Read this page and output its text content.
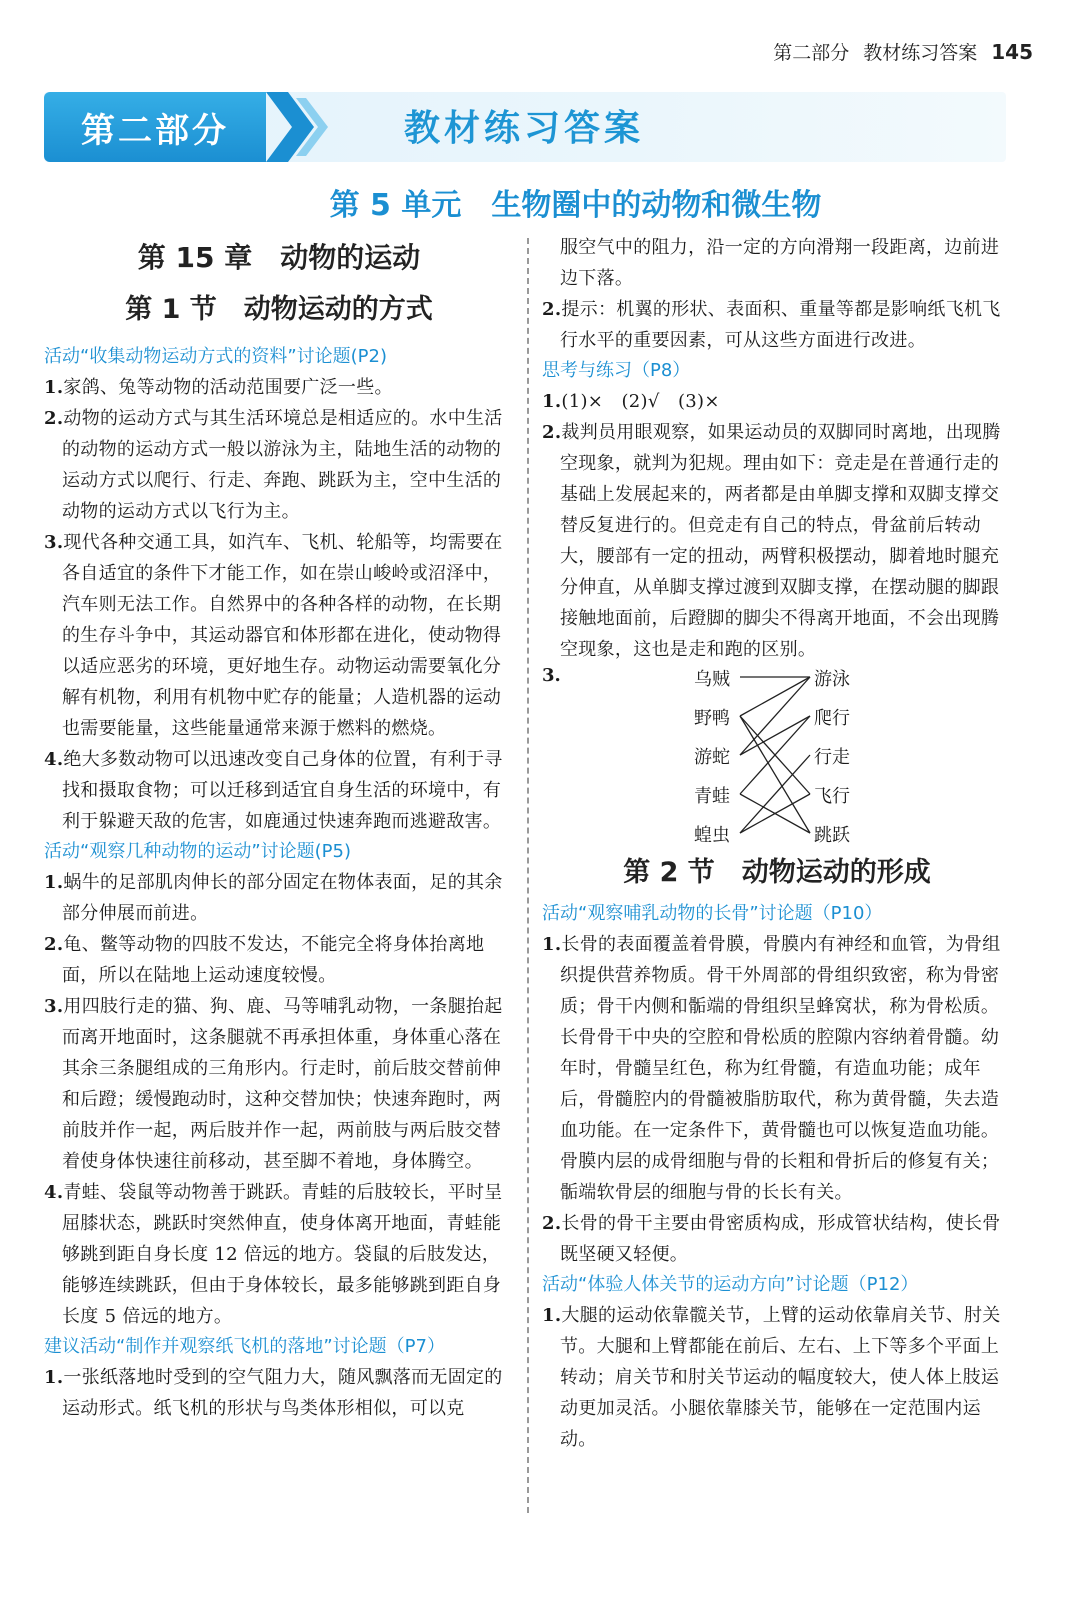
第二部分 教材练习答案 145
第二部分	教材练习答案
第 5 单元　生物圈中的动物和微生物
第 15 章　动物的运动
第 1 节　动物运动的方式

活动“收集动物运动方式的资料”讨论题(P2)

1.家鸽、兔等动物的活动范围要广泛一些。

2.动物的运动方式与其生活环境总是相适应的。水中生活的动物的运动方式一般以游泳为主，陆地生活的动物的运动方式以爬行、行走、奔跑、跳跃为主，空中生活的动物的运动方式以飞行为主。

3.现代各种交通工具，如汽车、飞机、轮船等，均需要在各自适宜的条件下才能工作，如在崇山峻岭或沼泽中，汽车则无法工作。自然界中的各种各样的动物，在长期的生存斗争中，其运动器官和体形都在进化，使动物得以适应恶劣的环境，更好地生存。动物运动需要氧化分解有机物，利用有机物中贮存的能量；人造机器的运动也需要能量，这些能量通常来源于燃料的燃烧。

4.绝大多数动物可以迅速改变自己身体的位置，有利于寻找和摄取食物；可以迁移到适宜自身生活的环境中，有利于躲避天敌的危害，如鹿通过快速奔跑而逃避敌害。

活动“观察几种动物的运动”讨论题(P5)

1.蜗牛的足部肌肉伸长的部分固定在物体表面，足的其余部分伸展而前进。

2.龟、鳖等动物的四肢不发达，不能完全将身体抬离地面，所以在陆地上运动速度较慢。

3.用四肢行走的猫、狗、鹿、马等哺乳动物，一条腿抬起而离开地面时，这条腿就不再承担体重，身体重心落在其余三条腿组成的三角形内。行走时，前后肢交替前伸和后蹬；缓慢跑动时，这种交替加快；快速奔跑时，两前肢并作一起，两后肢并作一起，两前肢与两后肢交替着使身体快速往前移动，甚至脚不着地，身体腾空。

4.青蛙、袋鼠等动物善于跳跃。青蛙的后肢较长，平时呈屈膝状态，跳跃时突然伸直，使身体离开地面，青蛙能够跳到距自身长度 12 倍远的地方。袋鼠的后肢发达，能够连续跳跃，但由于身体较长，最多能够跳到距自身长度 5 倍远的地方。

建议活动“制作并观察纸飞机的落地”讨论题（P7）

1.一张纸落地时受到的空气阻力大，随风飘落而无固定的运动形式。纸飞机的形状与鸟类体形相似，可以克

服空气中的阻力，沿一定的方向滑翔一段距离，边前进边下落。

2.提示：机翼的形状、表面积、重量等都是影响纸飞机飞行水平的重要因素，可从这些方面进行改进。

思考与练习（P8）

1.(1)×　(2)√　(3)×

2.裁判员用眼观察，如果运动员的双脚同时离地，出现腾空现象，就判为犯规。理由如下：竞走是在普通行走的基础上发展起来的，两者都是由单脚支撑和双脚支撑交替反复进行的。但竞走有自己的特点，骨盆前后转动大，腰部有一定的扭动，两臂积极摆动，脚着地时腿充分伸直，从单脚支撑过渡到双脚支撑，在摆动腿的脚跟接触地面前，后蹬脚的脚尖不得离开地面，不会出现腾空现象，这也是走和跑的区别。

3.	乌贼
野鸭
游蛇
青蛙
蝗虫
游泳
爬行
行走
飞行
跳跃
第 2 节　动物运动的形成

活动“观察哺乳动物的长骨”讨论题（P10）

1.长骨的表面覆盖着骨膜，骨膜内有神经和血管，为骨组织提供营养物质。骨干外周部的骨组织致密，称为骨密质；骨干内侧和骺端的骨组织呈蜂窝状，称为骨松质。长骨骨干中央的空腔和骨松质的腔隙内容纳着骨髓。幼年时，骨髓呈红色，称为红骨髓，有造血功能；成年后，骨髓腔内的骨髓被脂肪取代，称为黄骨髓，失去造血功能。在一定条件下，黄骨髓也可以恢复造血功能。骨膜内层的成骨细胞与骨的长粗和骨折后的修复有关；骺端软骨层的细胞与骨的长长有关。

2.长骨的骨干主要由骨密质构成，形成管状结构，使长骨既坚硬又轻便。

活动“体验人体关节的运动方向”讨论题（P12）

1.大腿的运动依靠髋关节，上臂的运动依靠肩关节、肘关节。大腿和上臂都能在前后、左右、上下等多个平面上转动；肩关节和肘关节运动的幅度较大，使人体上肢运动更加灵活。小腿依靠膝关节，能够在一定范围内运动。
